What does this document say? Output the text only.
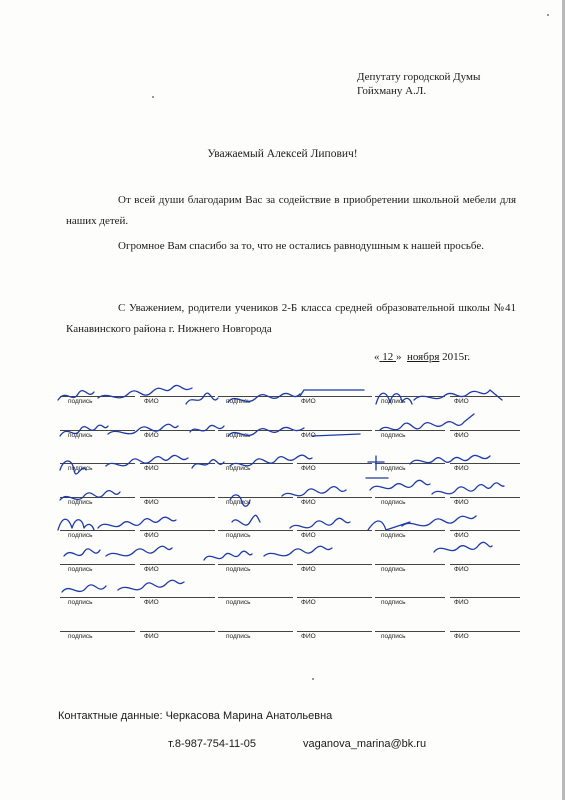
Депутату городской Думы
Гойхману А.Л.
Уважаемый Алексей Липович!

От всей души благодарим Вас за содействие в приобретении школьной мебели для наших детей.

Огромное Вам спасибо за то, что не остались равнодушным к нашей просьбе.

С Уважением, родители учеников 2-Б класса средней образовательной школы №41 Канавинского района г. Нижнего Новгорода

« 12 » ноября 2015г.
подпись	ФИО	подпись	ФИО	подпись	ФИО
подпись	ФИО	подпись	ФИО	подпись	ФИО
подпись	ФИО	подпись	ФИО	подпись	ФИО
подпись	ФИО	подпись	ФИО	подпись	ФИО
подпись	ФИО	подпись	ФИО	подпись	ФИО
подпись	ФИО	подпись	ФИО	подпись	ФИО
подпись	ФИО	подпись	ФИО	подпись	ФИО
подпись	ФИО	подпись	ФИО	подпись	ФИО
Контактные данные: Черкасова Марина Анатольевна
т.8-987-754-11-05	vaganova_marina@bk.ru
